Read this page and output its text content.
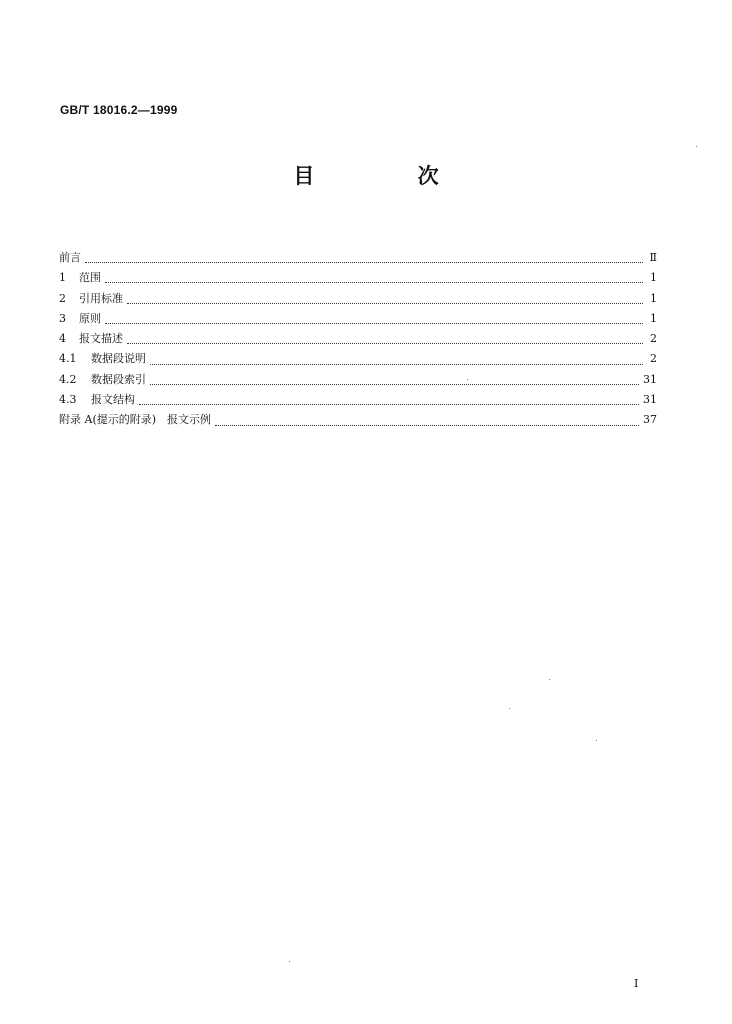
GB/T 18016.2—1999
目 次
前言	Ⅱ
1	范围	1
2	引用标准	1
3	原则	1
4	报文描述	2
4.1	数据段说明	2
4.2	数据段索引	31
4.3	报文结构	31
附录 A(提示的附录)　报文示例	37
I
